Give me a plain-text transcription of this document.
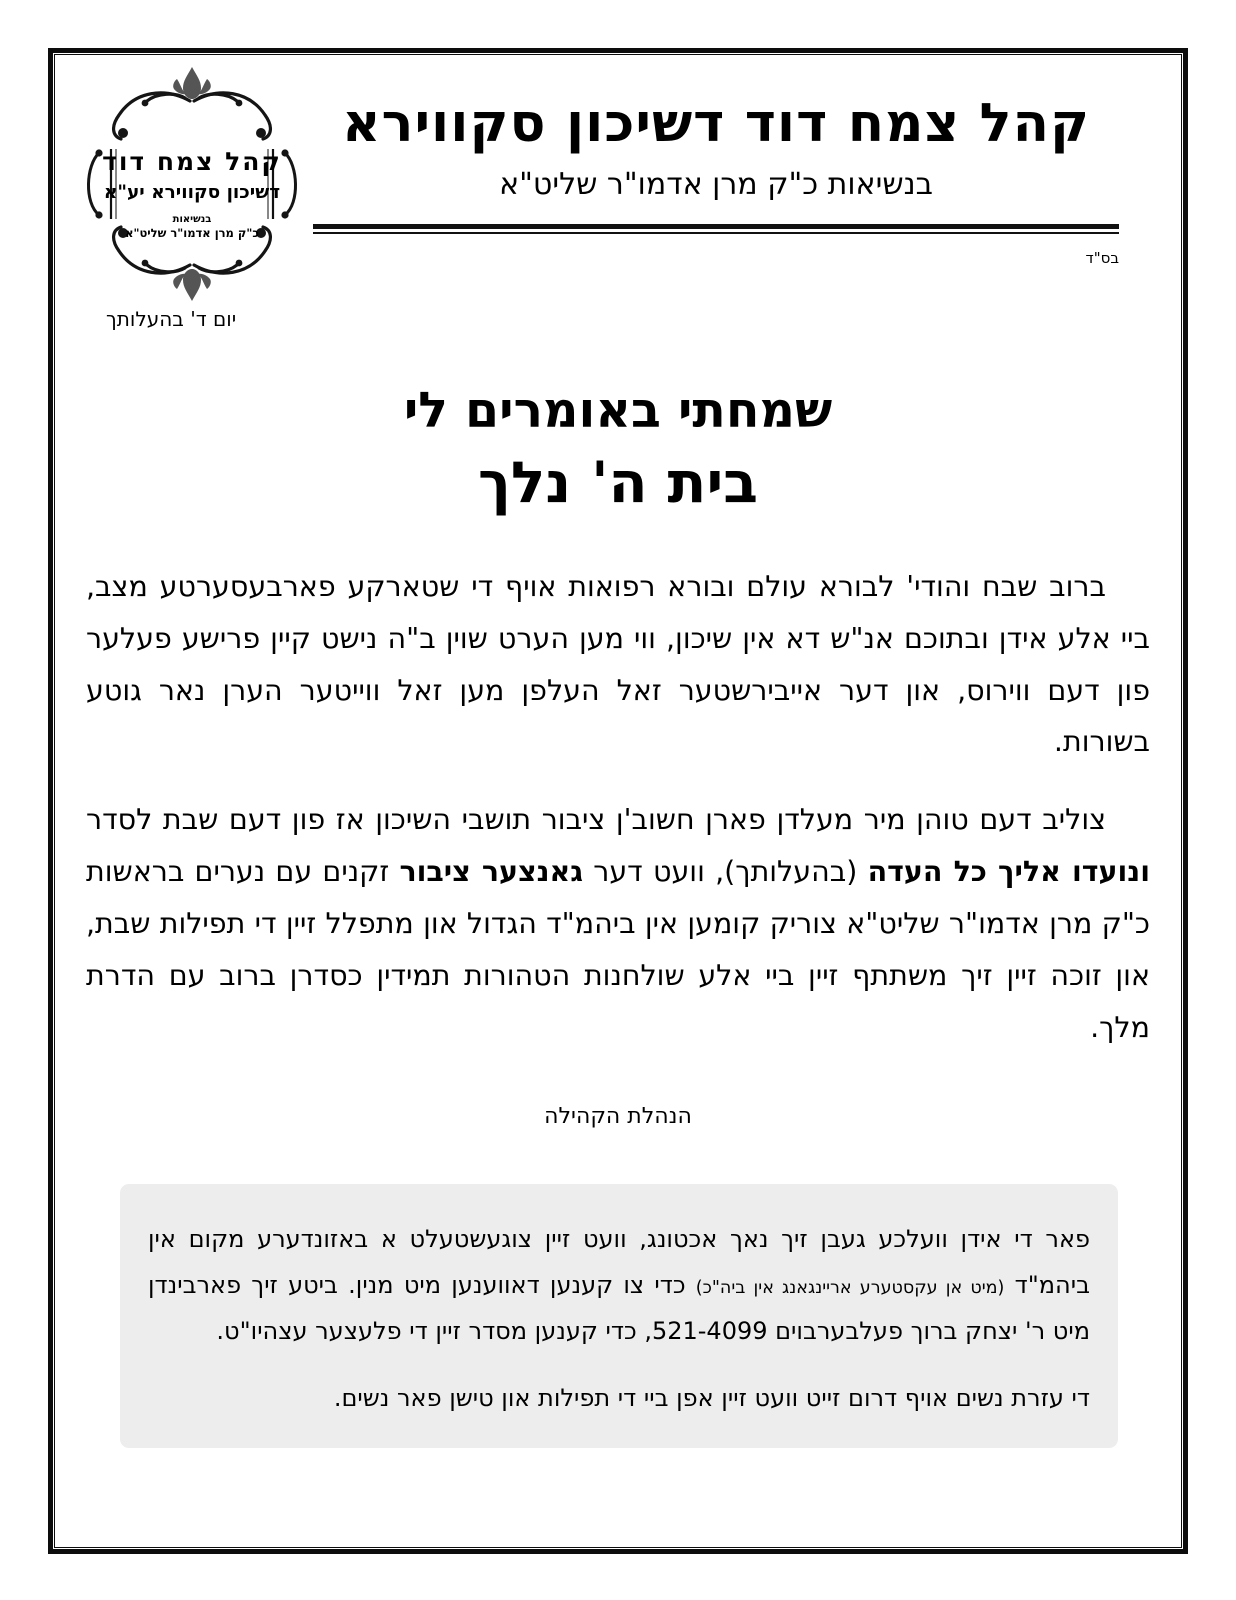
קהל צמח דוד
דשיכון סקווירא יע"א
בנשיאות
כ"ק מרן אדמו"ר שליט"א
קהל צמח דוד דשיכון סקווירא
בנשיאות כ"ק מרן אדמו"ר שליט"א
בס"ד
יום ד' בהעלותך
שמחתי באומרים לי
בית ה' נלך

ברוב שבח והודי' לבורא עולם ובורא רפואות אויף די שטארקע פארבעסערטע מצב, ביי אלע אידן ובתוכם אנ"ש דא אין שיכון, ווי מען הערט שוין ב"ה נישט קיין פרישע פעלער פון דעם ווירוס, און דער אייבירשטער זאל העלפן מען זאל ווייטער הערן נאר גוטע בשורות.

צוליב דעם טוהן מיר מעלדן פארן חשוב'ן ציבור תושבי השיכון אז פון דעם שבת לסדר ונועדו אליך כל העדה (בהעלותך), וועט דער גאנצער ציבור זקנים עם נערים בראשות כ"ק מרן אדמו"ר שליט"א צוריק קומען אין ביהמ"ד הגדול און מתפלל זיין די תפילות שבת, און זוכה זיין זיך משתתף זיין ביי אלע שולחנות הטהורות תמידין כסדרן ברוב עם הדרת מלך.

הנהלת הקהילה

פאר די אידן וועלכע געבן זיך נאך אכטונג, וועט זיין צוגעשטעלט א באזונדערע מקום אין ביהמ"ד (מיט אן עקסטערע אריינגאנג אין ביה"כ) כדי צו קענען דאווענען מיט מנין. ביטע זיך פארבינדן מיט ר' יצחק ברוך פעלבערבוים 521-4099, כדי קענען מסדר זיין די פלעצער עצהיו"ט.

די עזרת נשים אויף דרום זייט וועט זיין אפן ביי די תפילות און טישן פאר נשים.
